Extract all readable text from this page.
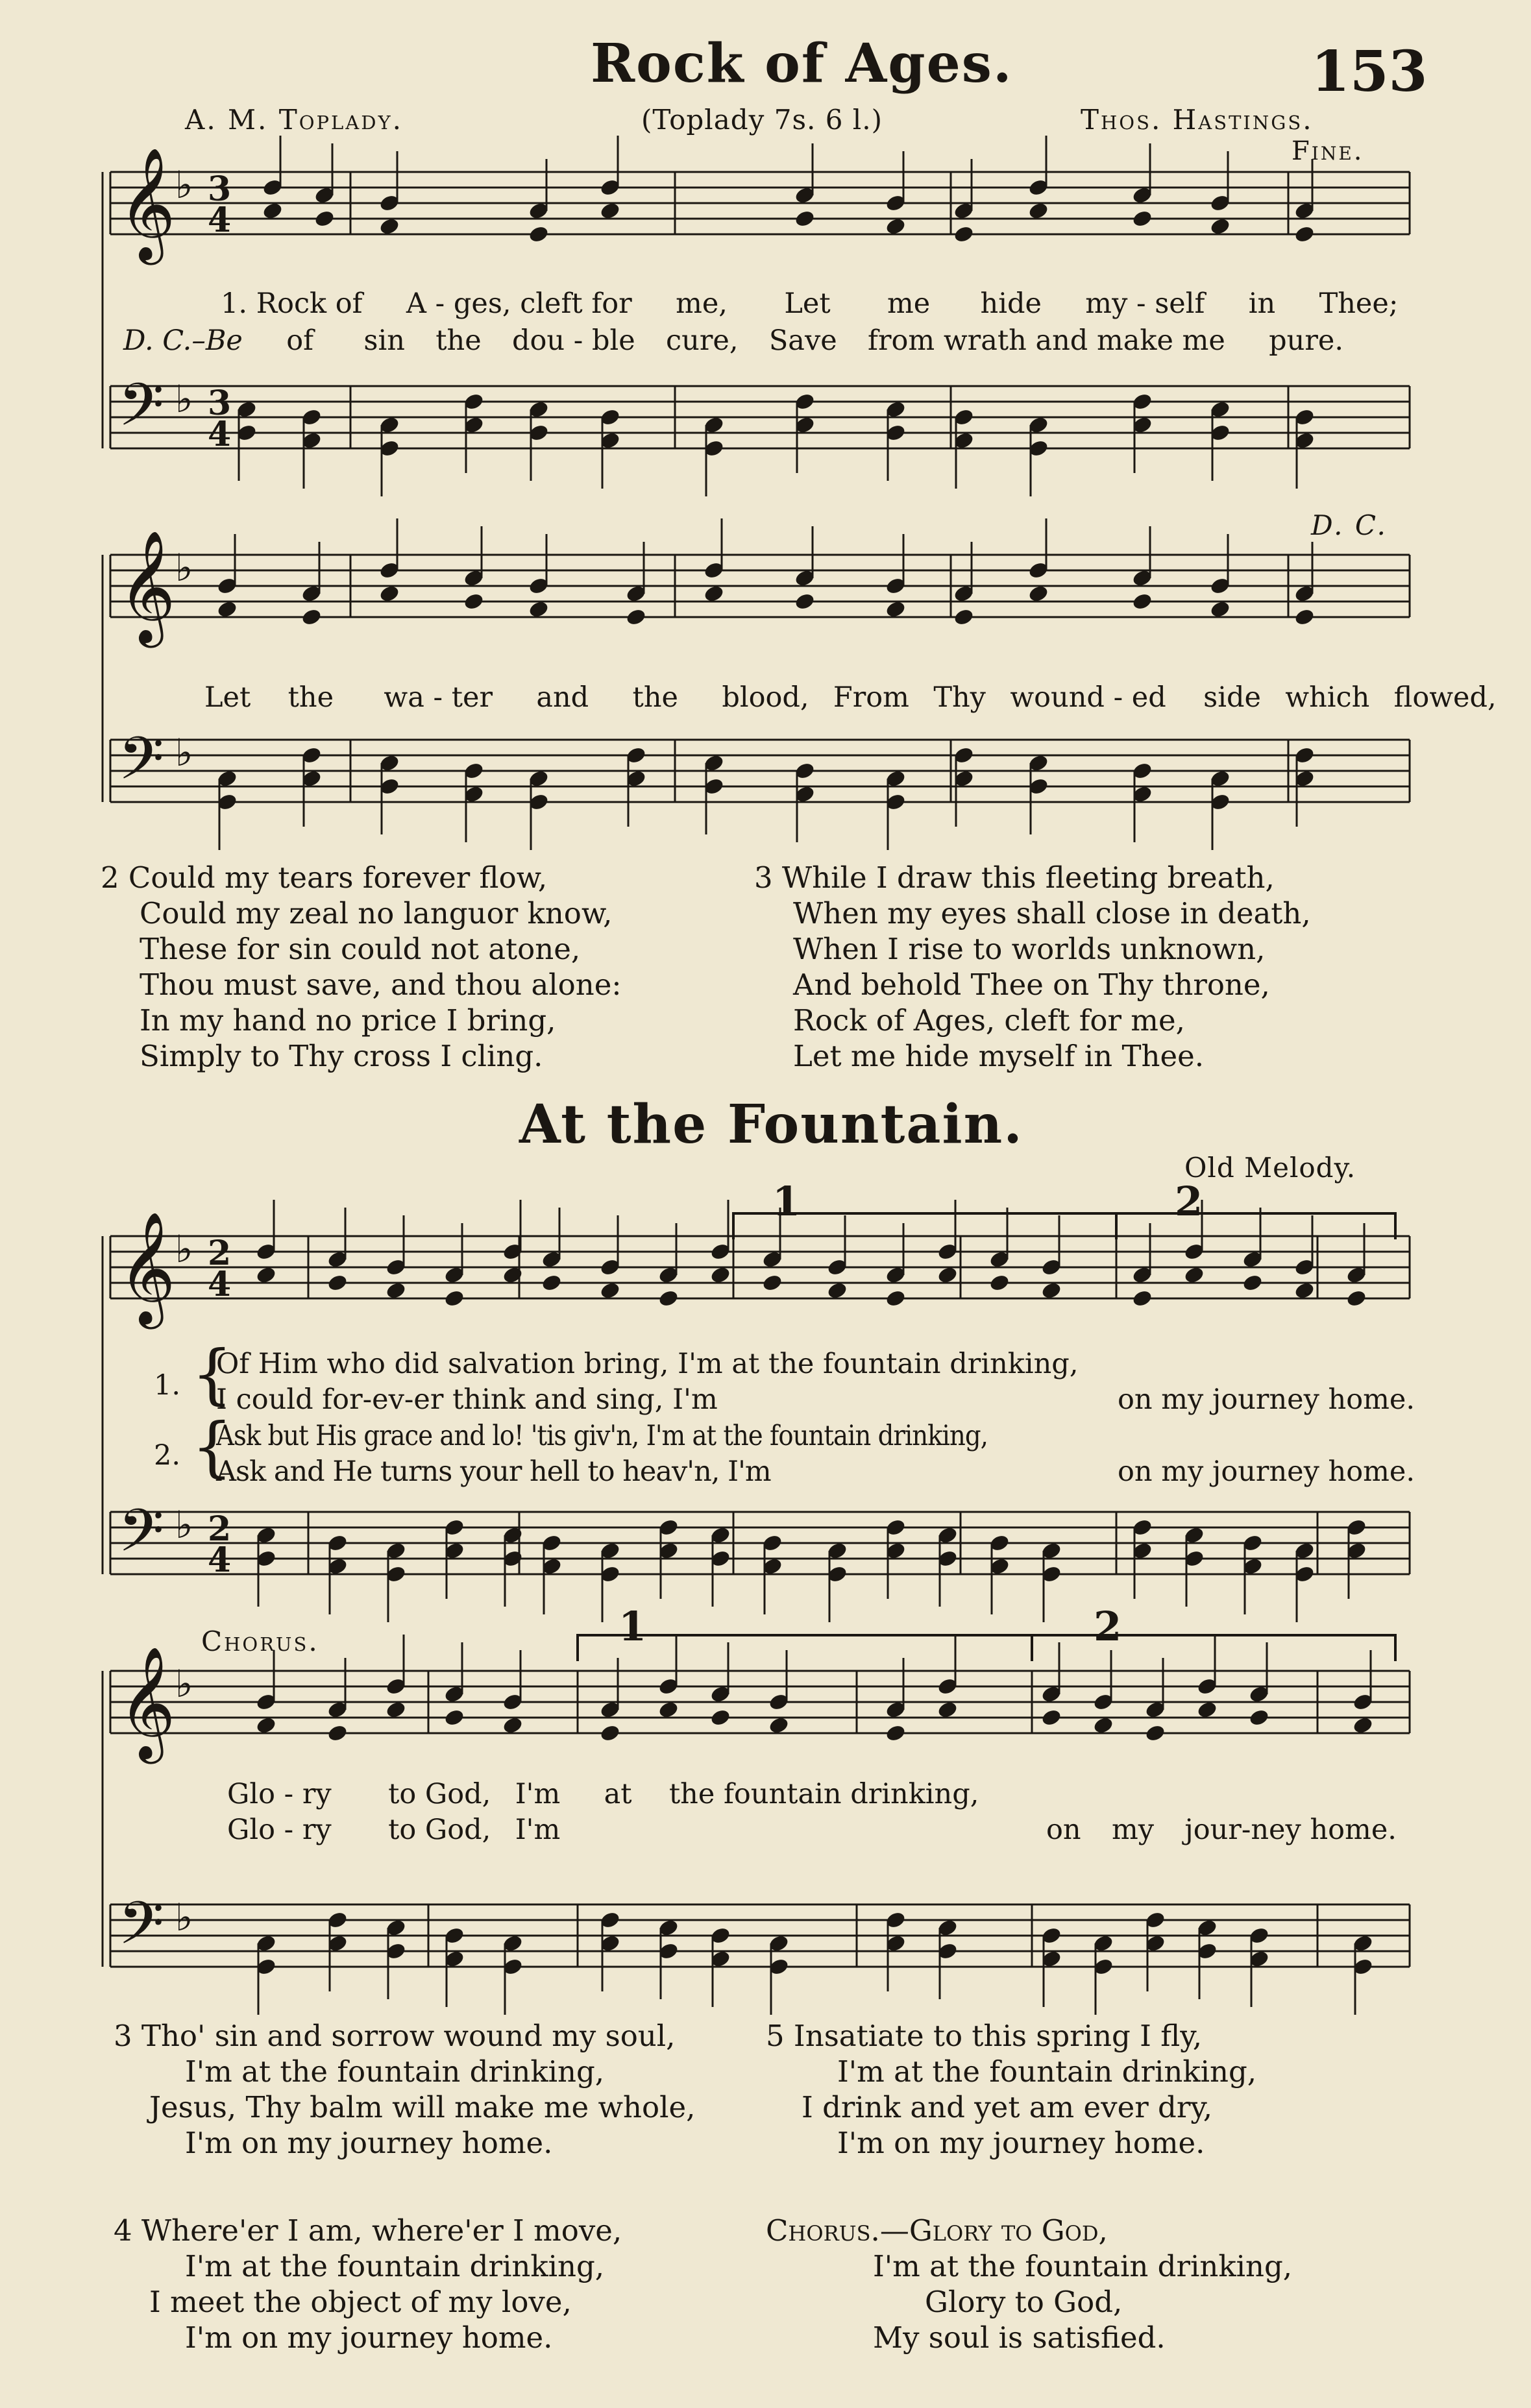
Rock of Ages.	153
A. M. Toplady.	(Toplady 7s. 6 l.)	Thos. Hastings.
Fine.
𝄞 ♭ 3
4
𝄢 ♭ 3
4
𝄞 ♭
𝄢 ♭
𝄞 ♭ 2
4
𝄢 ♭ 2
4
𝄞 ♭
𝄢 ♭
1. Rock of A - ges, cleft for me, Let me hide my - self in Thee;
D. C.–Be of sin the dou - ble cure, Save from wrath and make me pure.
D. C.
Let the wa - ter and the blood, From Thy wound - ed side which flowed,
2 Could my tears forever flow,
Could my zeal no languor know,
These for sin could not atone,
Thou must save, and thou alone:
In my hand no price I bring,
Simply to Thy cross I cling.
3 While I draw this fleeting breath,
When my eyes shall close in death,
When I rise to worlds unknown,
And behold Thee on Thy throne,
Rock of Ages, cleft for me,
Let me hide myself in Thee.
At the Fountain.
Old Melody.
1	2
1. {
Of Him who did salvation bring, I'm at the fountain drinking,
I could for-ev-er think and sing, I'm	on my journey home.
2. {
Ask but His grace and lo! 'tis giv'n, I'm at the fountain drinking,
Ask and He turns your hell to heav'n, I'm	on my journey home.
Chorus.	1	2
Glo - ry to God, I'm at the fountain drinking,
Glo - ry to God, I'm	on my jour-ney home.
3 Tho' sin and sorrow wound my soul,
I'm at the fountain drinking,
Jesus, Thy balm will make me whole,
I'm on my journey home.
4 Where'er I am, where'er I move,
I'm at the fountain drinking,
I meet the object of my love,
I'm on my journey home.
5 Insatiate to this spring I fly,
I'm at the fountain drinking,
I drink and yet am ever dry,
I'm on my journey home.
Chorus.—Glory to God,
I'm at the fountain drinking,
Glory to God,
My soul is satisfied.
